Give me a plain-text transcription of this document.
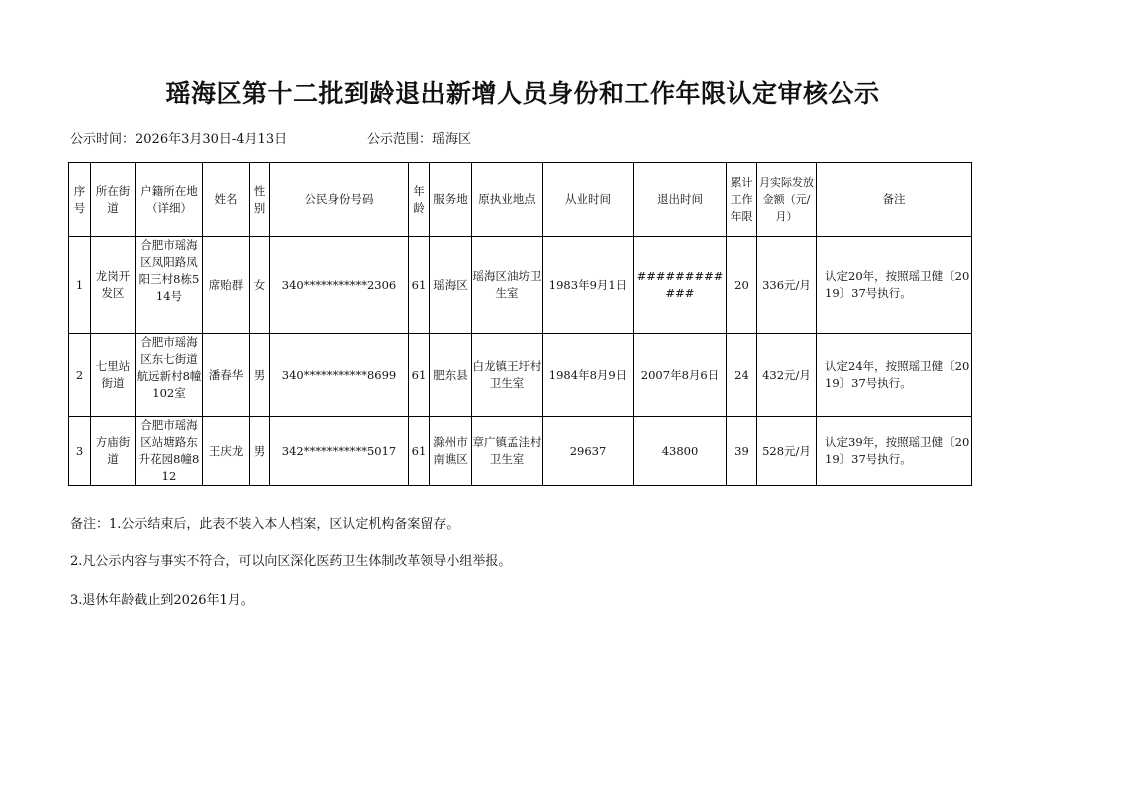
瑶海区第十二批到龄退出新增人员身份和工作年限认定审核公示
公示时间：2026年3月30日-4月13日	公示范围：瑶海区
序号	所在街道	户籍所在地（详细）	姓名	性别	公民身份号码	年龄	服务地	原执业地点	从业时间	退出时间	累计工作年限	月实际发放金额（元/月）	备注
1	龙岗开发区	合肥市瑶海区凤阳路凤阳三村8栋514号	席贻群	女	340***********2306	61	瑶海区	瑶海区油坊卫生室	1983年9月1日	############	20	336元/月	认定20年，按照瑶卫健〔2019〕37号执行。
2	七里站街道	合肥市瑶海区东七街道航远新村8幢102室	潘春华	男	340***********8699	61	肥东县	白龙镇王圩村卫生室	1984年8月9日	2007年8月6日	24	432元/月	认定24年，按照瑶卫健〔2019〕37号执行。
3	方庙街道	合肥市瑶海区站塘路东升花园8幢812	王庆龙	男	342***********5017	61	滁州市南谯区	章广镇孟洼村卫生室	29637	43800	39	528元/月	认定39年，按照瑶卫健〔2019〕37号执行。
备注：1.公示结束后，此表不装入本人档案，区认定机构备案留存。
2.凡公示内容与事实不符合，可以向区深化医药卫生体制改革领导小组举报。
3.退休年龄截止到2026年1月。
